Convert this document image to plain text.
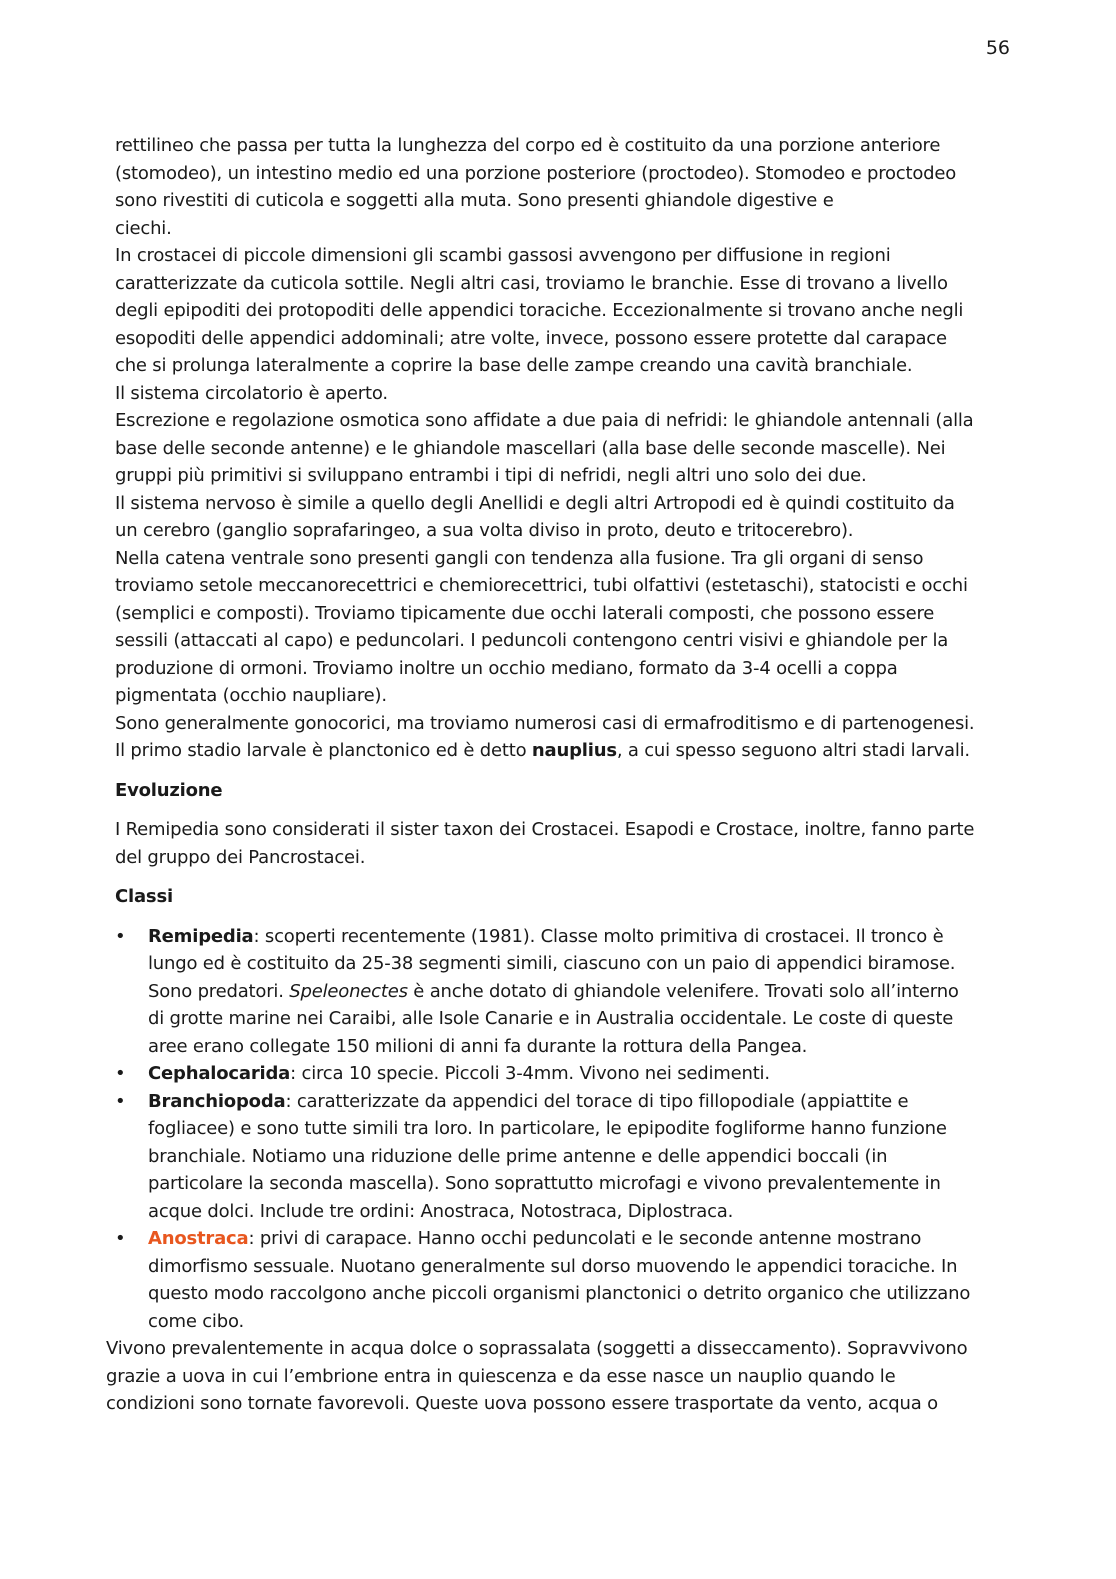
56

rettilineo che passa per tutta la lunghezza del corpo ed è costituito da una porzione anteriore

(stomodeo), un intestino medio ed una porzione posteriore (proctodeo). Stomodeo e proctodeo

sono rivestiti di cuticola e soggetti alla muta. Sono presenti ghiandole digestive e

ciechi.

In crostacei di piccole dimensioni gli scambi gassosi avvengono per diffusione in regioni

caratterizzate da cuticola sottile. Negli altri casi, troviamo le branchie. Esse di trovano a livello

degli epipoditi dei protopoditi delle appendici toraciche. Eccezionalmente si trovano anche negli

esopoditi delle appendici addominali; atre volte, invece, possono essere protette dal carapace

che si prolunga lateralmente a coprire la base delle zampe creando una cavità branchiale.

Il sistema circolatorio è aperto.

Escrezione e regolazione osmotica sono affidate a due paia di nefridi: le ghiandole antennali (alla

base delle seconde antenne) e le ghiandole mascellari (alla base delle seconde mascelle). Nei

gruppi più primitivi si sviluppano entrambi i tipi di nefridi, negli altri uno solo dei due.

Il sistema nervoso è simile a quello degli Anellidi e degli altri Artropodi ed è quindi costituito da

un cerebro (ganglio soprafaringeo, a sua volta diviso in proto, deuto e tritocerebro).

Nella catena ventrale sono presenti gangli con tendenza alla fusione. Tra gli organi di senso

troviamo setole meccanorecettrici e chemiorecettrici, tubi olfattivi (estetaschi), statocisti e occhi

(semplici e composti). Troviamo tipicamente due occhi laterali composti, che possono essere

sessili (attaccati al capo) e peduncolari. I peduncoli contengono centri visivi e ghiandole per la

produzione di ormoni. Troviamo inoltre un occhio mediano, formato da 3-4 ocelli a coppa

pigmentata (occhio naupliare).

Sono generalmente gonocorici, ma troviamo numerosi casi di ermafroditismo e di partenogenesi.

Il primo stadio larvale è planctonico ed è detto nauplius, a cui spesso seguono altri stadi larvali.

Evoluzione

I Remipedia sono considerati il sister taxon dei Crostacei. Esapodi e Crostace, inoltre, fanno parte

del gruppo dei Pancrostacei.

Classi

• Remipedia: scoperti recentemente (1981). Classe molto primitiva di crostacei. Il tronco è

lungo ed è costituito da 25-38 segmenti simili, ciascuno con un paio di appendici biramose.

Sono predatori. Speleonectes è anche dotato di ghiandole velenifere. Trovati solo all’interno

di grotte marine nei Caraibi, alle Isole Canarie e in Australia occidentale. Le coste di queste

aree erano collegate 150 milioni di anni fa durante la rottura della Pangea.

• Cephalocarida: circa 10 specie. Piccoli 3-4mm. Vivono nei sedimenti.

• Branchiopoda: caratterizzate da appendici del torace di tipo fillopodiale (appiattite e

fogliacee) e sono tutte simili tra loro. In particolare, le epipodite fogliforme hanno funzione

branchiale. Notiamo una riduzione delle prime antenne e delle appendici boccali (in

particolare la seconda mascella). Sono soprattutto microfagi e vivono prevalentemente in

acque dolci. Include tre ordini: Anostraca, Notostraca, Diplostraca.

• Anostraca: privi di carapace. Hanno occhi peduncolati e le seconde antenne mostrano

dimorfismo sessuale. Nuotano generalmente sul dorso muovendo le appendici toraciche. In

questo modo raccolgono anche piccoli organismi planctonici o detrito organico che utilizzano

come cibo.

Vivono prevalentemente in acqua dolce o soprassalata (soggetti a disseccamento). Sopravvivono

grazie a uova in cui l’embrione entra in quiescenza e da esse nasce un nauplio quando le

condizioni sono tornate favorevoli. Queste uova possono essere trasportate da vento, acqua o
